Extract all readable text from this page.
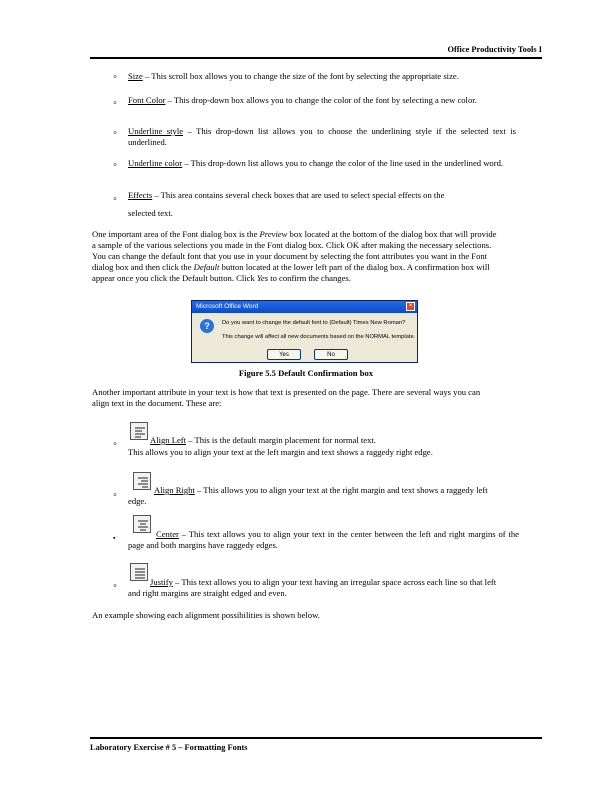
Office Productivity Tools I
⸰ Size – This scroll box allows you to change the size of the font by selecting the appropriate size.
⸰ Font Color – This drop-down box allows you to change the color of the font by selecting a new color.
⸰ Underline style – This drop-down list allows you to choose the underlining style if the selected text is underlined.
⸰ Underline color – This drop-down list allows you to change the color of the line used in the underlined word.
⸰ Effects – This area contains several check boxes that are used to select special effects on the
selected text.
One important area of the Font dialog box is the Preview box located at the bottom of the dialog box that will provide a sample of the various selections you made in the Font dialog box. Click OK after making the necessary selections. You can change the default font that you use in your document by selecting the font attributes you want in the Font dialog box and then click the Default button located at the lower left part of the dialog box. A confirmation box will appear once you click the Default button. Click Yes to confirm the changes.
Microsoft Office Word	×
?	Do you want to change the default font to (Default) Times New Roman?
This change will affect all new documents based on the NORMAL template.
Yes	No
Figure 5.5 Default Confirmation box
Another important attribute in your text is how that text is presented on the page. There are several ways you can align text in the document. These are:
⸰	Align Left – This is the default margin placement for normal text.
This allows you to align your text at the left margin and text shows a raggedy right edge.
⸰	Align Right – This allows you to align your text at the right margin and text shows a raggedy left edge.
▪	Center – This text allows you to align your text in the center between the left and right margins of the page and both margins have raggedy edges.
⸰	Justify – This text allows you to align your text having an irregular space across each line so that left and right margins are straight edged and even.
An example showing each alignment possibilities is shown below.
Laboratory Exercise # 5 – Formatting Fonts
